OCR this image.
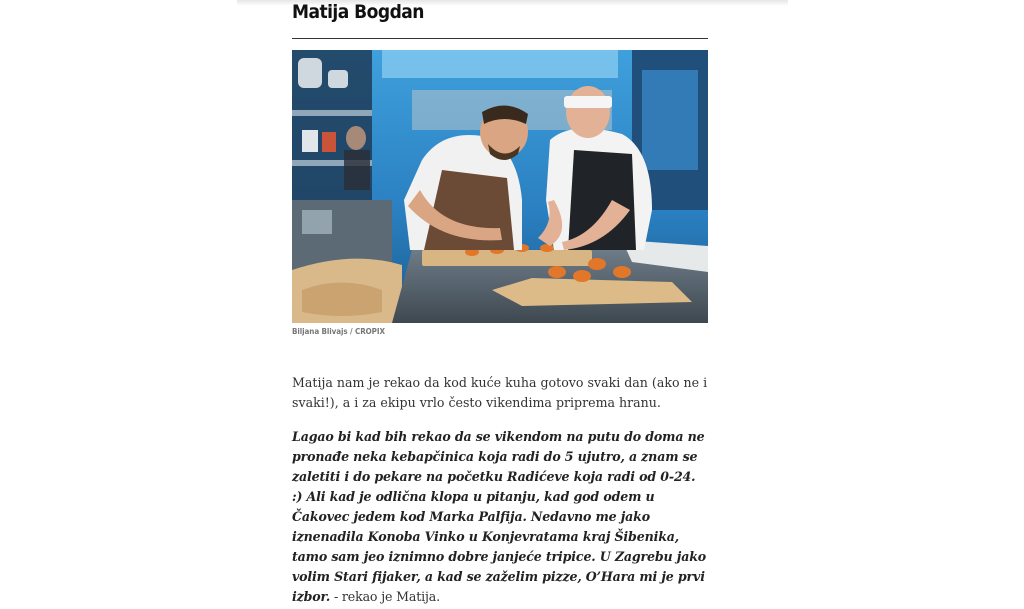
Matija Bogdan
Biljana Blivajs / CROPIX

Matija nam je rekao da kod kuće kuha gotovo svaki dan (ako ne i svaki!), a i za ekipu vrlo često vikendima priprema hranu.

Lagao bi kad bih rekao da se vikendom na putu do doma ne pronađe neka kebapčinica koja radi do 5 ujutro, a znam se zaletiti i do pekare na početku Radićeve koja radi od 0-24. :) Ali kad je odlična klopa u pitanju, kad god odem u Čakovec jedem kod Marka Palfija. Nedavno me jako iznenadila Konoba Vinko u Konjevratama kraj Šibenika, tamo sam jeo iznimno dobre janjeće tripice. U Zagrebu jako volim Stari fijaker, a kad se zaželim pizze, O’Hara mi je prvi izbor. - rekao je Matija.
